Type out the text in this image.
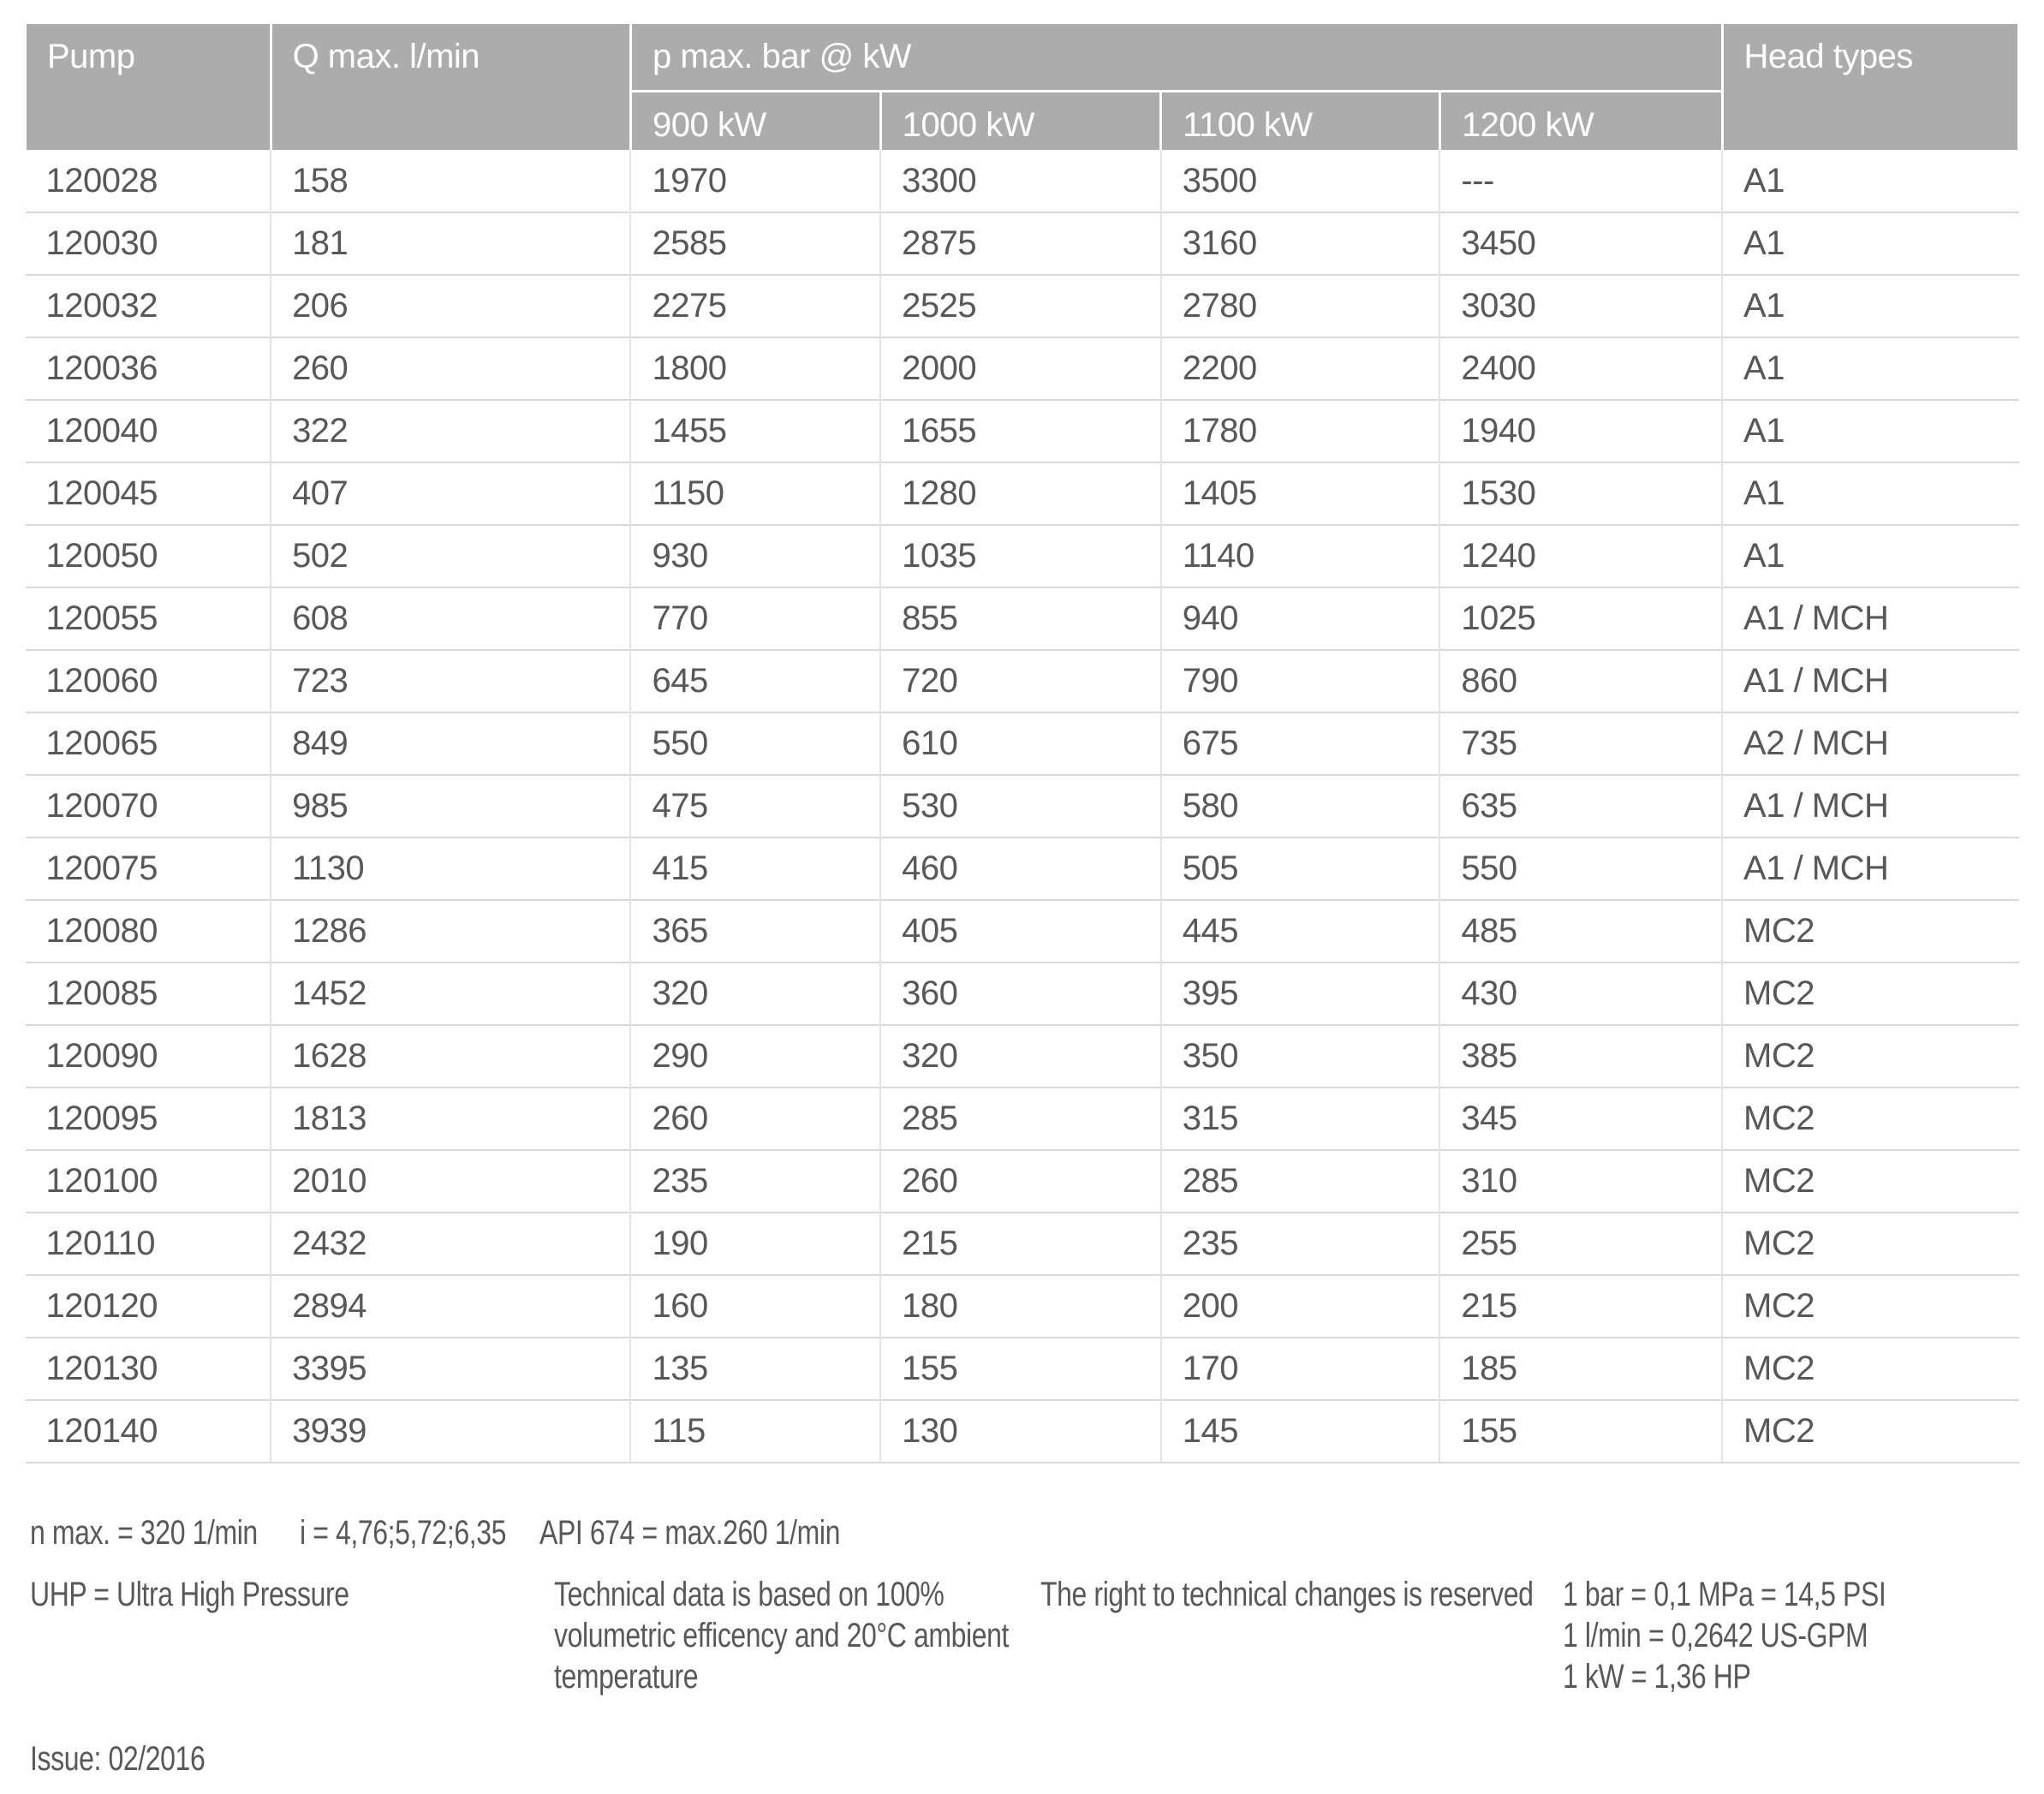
Pump	Q max. l/min	p max. bar @ kW				Head types
		900 kW	1000 kW	1100 kW	1200 kW	
120028	158	1970	3300	3500	---	A1
120030	181	2585	2875	3160	3450	A1
120032	206	2275	2525	2780	3030	A1
120036	260	1800	2000	2200	2400	A1
120040	322	1455	1655	1780	1940	A1
120045	407	1150	1280	1405	1530	A1
120050	502	930	1035	1140	1240	A1
120055	608	770	855	940	1025	A1 / MCH
120060	723	645	720	790	860	A1 / MCH
120065	849	550	610	675	735	A2 / MCH
120070	985	475	530	580	635	A1 / MCH
120075	1130	415	460	505	550	A1 / MCH
120080	1286	365	405	445	485	MC2
120085	1452	320	360	395	430	MC2
120090	1628	290	320	350	385	MC2
120095	1813	260	285	315	345	MC2
120100	2010	235	260	285	310	MC2
120110	2432	190	215	235	255	MC2
120120	2894	160	180	200	215	MC2
120130	3395	135	155	170	185	MC2
120140	3939	115	130	145	155	MC2
n max. = 320 1/min	i = 4,76;5,72;6,35 API 674 = max.260 1/min
UHP = Ultra High Pressure	Technical data is based on 100%
volumetric efficency and 20°C ambient
temperature
The right to technical changes is reserved 1 bar = 0,1 MPa = 14,5 PSI
1 l/min = 0,2642 US-GPM
1 kW = 1,36 HP
Issue: 02/2016
